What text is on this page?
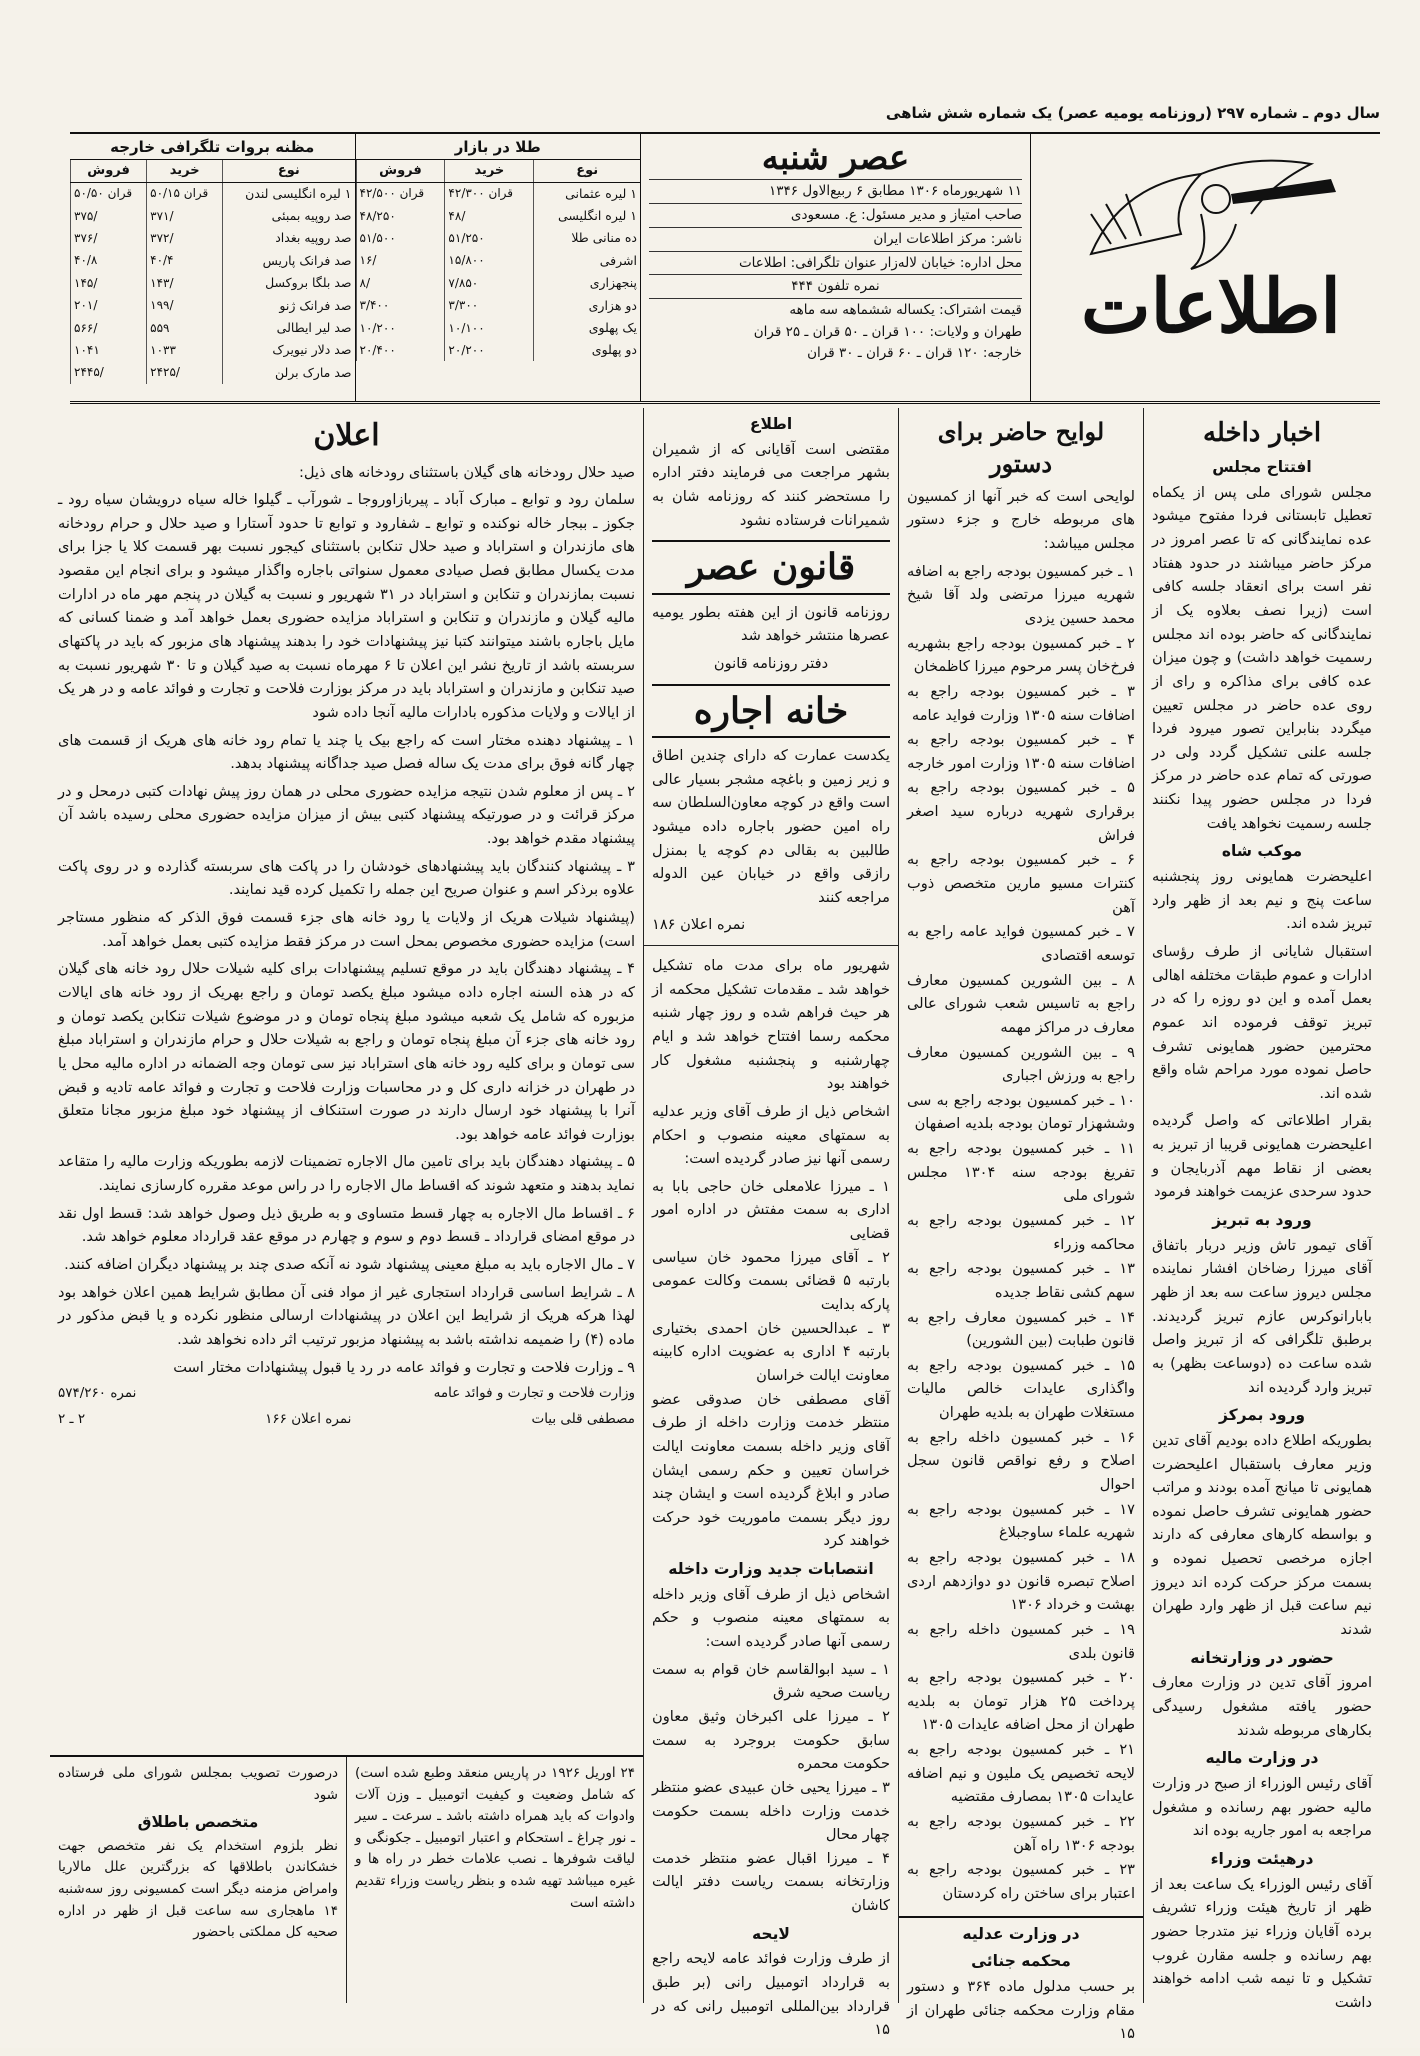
سال دوم ـ شماره ۲۹۷ (روزنامه یومیه عصر) یک شماره شش شاهی
اطلاعات
عصر شنبه
۱۱ شهریورماه ۱۳۰۶ مطابق ۶ ربیع‌الاول ۱۳۴۶
صاحب امتیاز و مدیر مسئول: ع. مسعودی
ناشر: مرکز اطلاعات ایران
محل اداره: خیابان لاله‌زار عنوان تلگرافی: اطلاعات
نمره تلفون ۴۴۴
قیمت اشتراک: یکساله ششماهه سه ماهه
طهران و ولایات: ۱۰۰ قران ـ ۵۰ قران ـ ۲۵ قران
خارجه: ۱۲۰ قران ـ ۶۰ قران ـ ۳۰ قران
طلا در بازار
نوع	خرید	فروش
۱ لیره عثمانی	۴۲/۳۰۰ قران	۴۲/۵۰۰ قران
۱ لیره انگلیسی	۴۸/	۴۸/۲۵۰
ده منانی طلا	۵۱/۲۵۰	۵۱/۵۰۰
اشرفی	۱۵/۸۰۰	۱۶/
پنجهزاری	۷/۸۵۰	۸/
دو هزاری	۳/۳۰۰	۳/۴۰۰
یک پهلوی	۱۰/۱۰۰	۱۰/۲۰۰
دو پهلوی	۲۰/۲۰۰	۲۰/۴۰۰
مظنه بروات تلگرافی خارجه
نوع	خرید	فروش
۱ لیره انگلیسی لندن	۵۰/۱۵ قران	۵۰/۵۰ قران
صد روپیه بمبئی	۳۷۱/	۳۷۵/
صد روپیه بغداد	۳۷۲/	۳۷۶/
صد فرانک پاریس	۴۰/۴	۴۰/۸
صد بلگا بروکسل	۱۴۳/	۱۴۵/
صد فرانک ژنو	۱۹۹/	۲۰۱/
صد لیر ایطالی	۵۵۹	۵۶۶/
صد دلار نیویرک	۱۰۳۳	۱۰۴۱
صد مارک برلن	۲۴۲۵/	۲۴۴۵/
اخبار داخله
افتتاح مجلس

مجلس شورای ملی پس از یکماه تعطیل تابستانی فردا مفتوح میشود عده نمایندگانی که تا عصر امروز در مرکز حاضر میباشند در حدود هفتاد نفر است برای انعقاد جلسه کافی است (زیرا نصف بعلاوه یک از نمایندگانی که حاضر بوده اند مجلس رسمیت خواهد داشت) و چون میزان عده کافی برای مذاکره و رای از روی عده حاضر در مجلس تعیین میگردد بنابراین تصور میرود فردا جلسه علنی تشکیل گردد ولی در صورتی که تمام عده حاضر در مرکز فردا در مجلس حضور پیدا نکنند جلسه رسمیت نخواهد یافت

موکب شاه

اعلیحضرت همایونی روز پنجشنبه ساعت پنج و نیم بعد از ظهر وارد تبریز شده اند.

استقبال شایانی از طرف رؤسای ادارات و عموم طبقات مختلفه اهالی بعمل آمده و این دو روزه را که در تبریز توقف فرموده اند عموم محترمین حضور همایونی تشرف حاصل نموده مورد مراحم شاه واقع شده اند.

بقرار اطلاعاتی که واصل گردیده اعلیحضرت همایونی قریبا از تبریز به بعضی از نقاط مهم آذربایجان و حدود سرحدی عزیمت خواهند فرمود

ورود به تبریز

آقای تیمور تاش وزیر دربار باتفاق آقای میرزا رضاخان افشار نماینده مجلس دیروز ساعت سه بعد از ظهر بابارانوکرس عازم تبریز گردیدند. برطبق تلگرافی که از تبریز واصل شده ساعت ده (دوساعت بظهر) به تبریز وارد گردیده اند

ورود بمرکز

بطوریکه اطلاع داده بودیم آقای تدین وزیر معارف باستقبال اعلیحضرت همایونی تا میانج آمده بودند و مراتب حضور همایونی تشرف حاصل نموده و بواسطه کارهای معارفی که دارند اجازه مرخصی تحصیل نموده و بسمت مرکز حرکت کرده اند دیروز نیم ساعت قبل از ظهر وارد طهران شدند

حضور در وزارتخانه

امروز آقای تدین در وزارت معارف حضور یافته مشغول رسیدگی بکارهای مربوطه شدند

در وزارت مالیه

آقای رئیس الوزراء از صبح در وزارت مالیه حضور بهم رسانده و مشغول مراجعه به امور جاریه بوده اند

درهیئت وزراء

آقای رئیس الوزراء یک ساعت بعد از ظهر از تاریخ هیئت وزراء تشریف برده آقایان وزراء نیز متدرجا حضور بهم رسانده و جلسه مقارن غروب تشکیل و تا نیمه شب ادامه خواهند داشت

لوایح حاضر برای دستور

لوایحی است که خبر آنها از کمسیون های مربوطه خارج و جزء دستور مجلس میباشد:

۱ ـ خبر کمسیون بودجه راجع به اضافه شهریه میرزا مرتضی ولد آقا شیخ محمد حسین یزدی
۲ ـ خبر کمسیون بودجه راجع بشهریه فرخ‌خان پسر مرحوم میرزا کاظمخان
۳ ـ خبر کمسیون بودجه راجع به اضافات سنه ۱۳۰۵ وزارت فواید عامه
۴ ـ خبر کمسیون بودجه راجع به اضافات سنه ۱۳۰۵ وزارت امور خارجه
۵ ـ خبر کمسیون بودجه راجع به برقراری شهریه درباره سید اصغر فراش
۶ ـ خبر کمسیون بودجه راجع به کنترات مسیو مارین متخصص ذوب آهن
۷ ـ خبر کمسیون فواید عامه راجع به توسعه اقتصادی
۸ ـ بین الشورین کمسیون معارف راجع به تاسیس شعب شورای عالی معارف در مراکز مهمه
۹ ـ بین الشورین کمسیون معارف راجع به ورزش اجباری
۱۰ ـ خبر کمسیون بودجه راجع به سی وششهزار تومان بودجه بلدیه اصفهان
۱۱ ـ خبر کمسیون بودجه راجع به تفریغ بودجه سنه ۱۳۰۴ مجلس شورای ملی
۱۲ ـ خبر کمسیون بودجه راجع به محاکمه وزراء
۱۳ ـ خبر کمسیون بودجه راجع به سهم کشی نقاط جدیده
۱۴ ـ خبر کمسیون معارف راجع به قانون طبابت (بین الشورین)
۱۵ ـ خبر کمسیون بودجه راجع به واگذاری عایدات خالص مالیات مستغلات طهران به بلدیه طهران
۱۶ ـ خبر کمسیون داخله راجع به اصلاح و رفع نواقص قانون سجل احوال
۱۷ ـ خبر کمسیون بودجه راجع به شهریه علماء ساوجبلاغ
۱۸ ـ خبر کمسیون بودجه راجع به اصلاح تبصره قانون دو دوازدهم اردی بهشت و خرداد ۱۳۰۶
۱۹ ـ خبر کمسیون داخله راجع به قانون بلدی
۲۰ ـ خبر کمسیون بودجه راجع به پرداخت ۲۵ هزار تومان به بلدیه طهران از محل اضافه عایدات ۱۳۰۵
۲۱ ـ خبر کمسیون بودجه راجع به لایحه تخصیص یک ملیون و نیم اضافه عایدات ۱۳۰۵ بمصارف مقتضیه
۲۲ ـ خبر کمسیون بودجه راجع به بودجه ۱۳۰۶ راه آهن
۲۳ ـ خبر کمسیون بودجه راجع به اعتبار برای ساختن راه کردستان
در وزارت عدلیه
محکمه جنائی

بر حسب مدلول ماده ۳۶۴ و دستور مقام وزارت محکمه جنائی طهران از ۱۵

اطلاع

مقتضی است آقایانی که از شمیران بشهر مراجعت می فرمایند دفتر اداره را مستحضر کنند که روزنامه شان به شمیرانات فرستاده نشود

قانون عصر

روزنامه قانون از این هفته بطور یومیه عصرها منتشر خواهد شد

دفتر روزنامه قانون

خانه اجاره

یکدست عمارت که دارای چندین اطاق و زیر زمین و باغچه مشجر بسیار عالی است واقع در کوچه معاون‌السلطان سه راه امین حضور باجاره داده میشود طالبین به بقالی دم کوچه یا بمنزل رازقی واقع در خیابان عین الدوله مراجعه کنند

نمره اعلان ۱۸۶

شهریور ماه برای مدت ماه تشکیل خواهد شد ـ مقدمات تشکیل محکمه از هر حیث فراهم شده و روز چهار شنبه محکمه رسما افتتاح خواهد شد و ایام چهارشنبه و پنجشنبه مشغول کار خواهند بود

اشخاص ذیل از طرف آقای وزیر عدلیه به سمتهای معینه منصوب و احکام رسمی آنها نیز صادر گردیده است:

۱ ـ میرزا علامعلی خان حاجی بابا به اداری به سمت مفتش در اداره امور قضایی
۲ ـ آقای میرزا محمود خان سیاسی بارتبه ۵ قضائی بسمت وکالت عمومی پارکه بدایت
۳ ـ عبدالحسین خان احمدی بختیاری بارتبه ۴ اداری به عضویت اداره کابینه معاونت ایالت خراسان

آقای مصطفی خان صدوقی عضو منتظر خدمت وزارت داخله از طرف آقای وزیر داخله بسمت معاونت ایالت خراسان تعیین و حکم رسمی ایشان صادر و ابلاغ گردیده است و ایشان چند روز دیگر بسمت ماموریت خود حرکت خواهند کرد

انتصابات جدید وزارت داخله

اشخاص ذیل از طرف آقای وزیر داخله به سمتهای معینه منصوب و حکم رسمی آنها صادر گردیده است:

۱ ـ سید ابوالقاسم خان قوام به سمت ریاست صحیه شرق
۲ ـ میرزا علی اکبرخان وثیق معاون سابق حکومت بروجرد به سمت حکومت محمره
۳ ـ میرزا یحیی خان عبیدی عضو منتظر خدمت وزارت داخله بسمت حکومت چهار محال
۴ ـ میرزا اقبال عضو منتظر خدمت وزارتخانه بسمت ریاست دفتر ایالت کاشان
لایحه

از طرف وزارت فوائد عامه لایحه راجع به قرارداد اتومبیل رانی (بر طبق قرارداد بین‌المللی اتومبیل رانی که در ۱۵

اعلان

صید حلال رودخانه های گیلان باستثنای رودخانه های ذیل:

سلمان رود و توابع ـ مبارک آباد ـ پیربازاوروجا ـ شورآب ـ گیلوا خاله سیاه درویشان سیاه رود ـ جکوز ـ ببجار خاله نوکنده و توابع ـ شفارود و توابع تا حدود آستارا و صید حلال و حرام رودخانه های مازندران و استراباد و صید حلال تنکابن باستثنای کیجور نسبت بهر قسمت کلا یا جزا برای مدت یکسال مطابق فصل صیادی معمول سنواتی باجاره واگذار میشود و برای انجام این مقصود نسبت بمازندران و تنکابن و استراباد در ۳۱ شهریور و نسبت به گیلان در پنجم مهر ماه در ادارات مالیه گیلان و مازندران و تنکابن و استراباد مزایده حضوری بعمل خواهد آمد و ضمنا کسانی که مایل باجاره باشند میتوانند کتبا نیز پیشنهادات خود را بدهند پیشنهاد های مزبور که باید در پاکتهای سربسته باشد از تاریخ نشر این اعلان تا ۶ مهرماه نسبت به صید گیلان و تا ۳۰ شهریور نسبت به صید تنکابن و مازندران و استراباد باید در مرکز بوزارت فلاحت و تجارت و فوائد عامه و در هر یک از ایالات و ولایات مذکوره بادارات مالیه آنجا داده شود

۱ ـ پیشنهاد دهنده مختار است که راجع بیک یا چند یا تمام رود خانه های هریک از قسمت های چهار گانه فوق برای مدت یک ساله فصل صید جداگانه پیشنهاد بدهد.

۲ ـ پس از معلوم شدن نتیجه مزایده حضوری محلی در همان روز پیش نهادات کتبی درمحل و در مرکز قرائت و در صورتیکه پیشنهاد کتبی بیش از میزان مزایده حضوری محلی رسیده باشد آن پیشنهاد مقدم خواهد بود.

۳ ـ پیشنهاد کنندگان باید پیشنهادهای خودشان را در پاکت های سربسته گذارده و در روی پاکت علاوه برذکر اسم و عنوان صریح این جمله را تکمیل کرده قید نمایند.

(پیشنهاد شیلات هریک از ولایات یا رود خانه های جزء قسمت فوق الذکر که منظور مستاجر است) مزایده حضوری مخصوص بمحل است در مرکز فقط مزایده کتبی بعمل خواهد آمد.

۴ ـ پیشنهاد دهندگان باید در موقع تسلیم پیشنهادات برای کلیه شیلات حلال رود خانه های گیلان که در هذه السنه اجاره داده میشود مبلغ یکصد تومان و راجع بهریک از رود خانه های ایالات مزبوره که شامل یک شعبه میشود مبلغ پنجاه تومان و در موضوع شیلات تنکابن یکصد تومان و رود خانه های جزء آن مبلغ پنجاه تومان و راجع به شیلات حلال و حرام مازندران و استراباد مبلغ سی تومان و برای کلیه رود خانه های استراباد نیز سی تومان وجه الضمانه در اداره مالیه محل یا در طهران در خزانه داری کل و در محاسبات وزارت فلاحت و تجارت و فوائد عامه تادیه و قبض آنرا با پیشنهاد خود ارسال دارند در صورت استنکاف از پیشنهاد خود مبلغ مزبور مجانا متعلق بوزارت فوائد عامه خواهد بود.

۵ ـ پیشنهاد دهندگان باید برای تامین مال الاجاره تضمینات لازمه بطوریکه وزارت مالیه را متقاعد نماید بدهند و متعهد شوند که اقساط مال الاجاره را در راس موعد مقرره کارسازی نمایند.

۶ ـ اقساط مال الاجاره به چهار قسط متساوی و به طریق ذیل وصول خواهد شد: قسط اول نقد در موقع امضای قرارداد ـ قسط دوم و سوم و چهارم در موقع عقد قرارداد معلوم خواهد شد.

۷ ـ مال الاجاره باید به مبلغ معینی پیشنهاد شود نه آنکه صدی چند بر پیشنهاد دیگران اضافه کنند.

۸ ـ شرایط اساسی قرارداد استجاری غیر از مواد فنی آن مطابق شرایط همین اعلان خواهد بود لهذا هرکه هریک از شرایط این اعلان در پیشنهادات ارسالی منظور نکرده و یا قبض مذکور در ماده (۴) را ضمیمه نداشته باشد به پیشنهاد مزبور ترتیب اثر داده نخواهد شد.

۹ ـ وزارت فلاحت و تجارت و فوائد عامه در رد یا قبول پیشنهادات مختار است

وزارت فلاحت و تجارت و فوائد عامه
نمره ۵۷۴/۲۶۰
مصطفی قلی بیات
نمره اعلان ۱۶۶
۲ ـ ۲

۲۴ اوریل ۱۹۲۶ در پاریس منعقد وطبع شده است) که شامل وضعیت و کیفیت اتومبیل ـ وزن آلات وادوات که باید همراه داشته باشد ـ سرعت ـ سیر ـ نور چراغ ـ استحکام و اعتبار اتومبیل ـ جکونگی و لیاقت شوفرها ـ نصب علامات خطر در راه ها و غیره میباشد تهیه شده و بنظر ریاست وزراء تقدیم داشته است

درصورت تصویب بمجلس شورای ملی فرستاده شود

متخصص باطلاق

نظر بلزوم استخدام یک نفر متخصص جهت خشکاندن باطلاقها که بزرگترین علل مالاریا وامراض مزمنه دیگر است کمسیونی روز سه‌شنبه ۱۴ ماهجاری سه ساعت قبل از ظهر در اداره صحیه کل مملکتی باحضور
